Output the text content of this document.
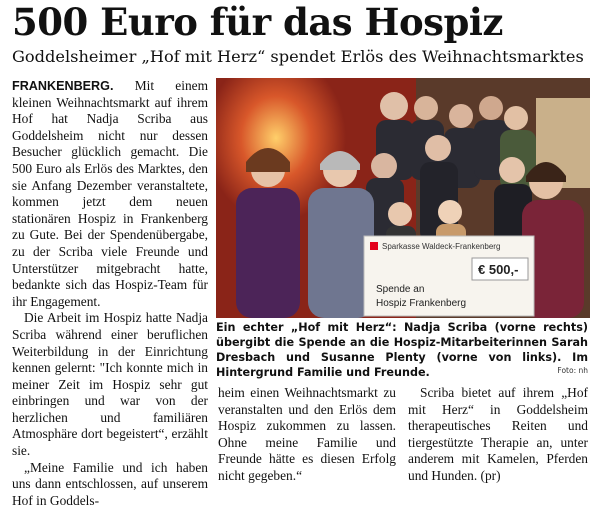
500 Euro für das Hospiz
Goddelsheimer „Hof mit Herz“ spendet Erlös des Weihnachtsmarktes

FRANKENBERG. Mit einem kleinen Weihnachtsmarkt auf ihrem Hof hat Nadja Scriba aus Goddelsheim nicht nur dessen Besucher glücklich gemacht. Die 500 Euro als Erlös des Marktes, den sie Anfang Dezember veranstaltete, kommen jetzt dem neuen stationären Hospiz in Frankenberg zu Gute. Bei der Spendenübergabe, zu der Scriba viele Freunde und Unterstützer mitgebracht hatte, bedankte sich das Hospiz-Team für ihr Engagement.

Die Arbeit im Hospiz hatte Nadja Scriba während einer beruflichen Weiterbildung in der Einrichtung kennen gelernt: "Ich konnte mich in meiner Zeit im Hospiz sehr gut einbringen und war von der herzlichen und familiären Atmosphäre dort begeistert“, erzählt sie.

„Meine Familie und ich haben uns dann entschlossen, auf unserem Hof in Goddels-

Sparkasse Waldeck-Frankenberg
€ 500,-
Spende an
Hospiz Frankenberg
Ein echter „Hof mit Herz“: Nadja Scriba (vorne rechts) übergibt die Spende an die Hospiz-Mitarbeiterinnen Sarah Dresbach und Susanne Plenty (vorne von links). Im Hintergrund Familie und Freunde.	Foto: nh

heim einen Weihnachtsmarkt zu veranstalten und den Erlös dem Hospiz zukommen zu lassen. Ohne meine Familie und Freunde hätte es diesen Erfolg nicht gegeben.“

Scriba bietet auf ihrem „Hof mit Herz“ in Goddelsheim therapeutisches Reiten und tiergestützte Therapie an, unter anderem mit Kamelen, Pferden und Hunden. (pr)
